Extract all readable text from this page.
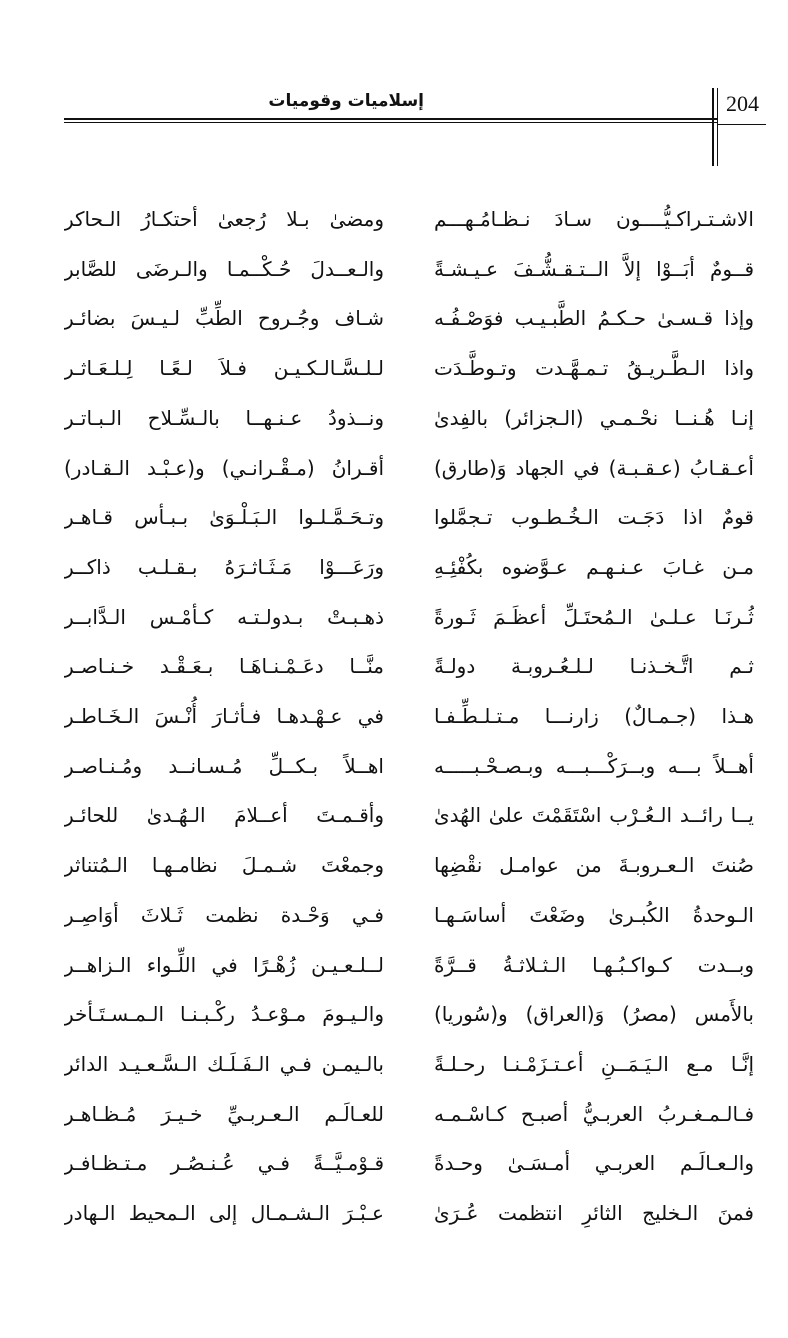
204
إسلاميات وقوميات
الاشـتـراكـيُّــــون سـادَ نـظـامُـهـــم
ومضىٰ بـلا رُجعىٰ أحتكـارُ الـحاكر
قــومٌ أبَــوْا إلاَّ الــتـقـشُّـفَ عـيـشـةً
والـعــدلَ حُـكْــمـا والـرضَى للصَّابر
وإذا قـسـىٰ حـكـمُ الطَّبـيـب فوَصْـفُـه
شـاف وجُـروح الطِّبِّ لـيـسَ بضائـر
واذا الـطَّـريـقُ تـمـهَّـدت وتـوطَّـدَت
لـلـسَّـالـكـيـن فـلاَ لـعًـا لِـلـعَـاثـر
إنـا هُـنــا نحْـمـي (الـجزائر) بالفِدىٰ
ونــذودُ عـنـهــا بالـسِّـلاح الـبـاتـر
أعـقـابُ (عـقـبـة) في الجهاد وَ(طارق)
أقـرانُ (مـقْـرانـي) و(عـبْـد الـقـادر)
قومٌ اذا دَجَـت الـخُـطـوب تـجمَّلوا
وتـحَـمَّـلـوا الـبَـلْـوَىٰ بـبـأس قـاهـر
مـن غـابَ عـنـهـم عـوَّضوه بكُفْئِـهِ
ورَعَـــوْا مَـثَـاثـرَهُ بـقـلـب ذاكــر
ثُـرنَـا عـلـىٰ الـمُحتَـلِّ أعظَـمَ ثَـورةً
ذهـبـتْ بـدولـتـه كـأمْـس الـدَّابــر
ثـم اتَّـخـذنـا لـلـعُـروبـة دولـةً
منَّــا دعَـمْـنـاهَـا بـعَـقْـد خـنـاصـر
هـذا (جـمـالٌ) زارنـــا مـتـلـطِّـفـا
في عـهْـدهـا فـأثـارَ أُنْـسَ الـخَـاطـر
أهــلاً بـــه وبــرَكْـــبـــه وبـصـحْـبـــــه
اهــلاً بـكــلِّ مُـسـانــد ومُـنـاصـر
يــا رائــد الـعُـرْب اسْتَقَمْتَ علىٰ الهُدىٰ
وأقـمـتَ أعــلامَ الـهُـدىٰ للحائـر
صُنتَ الـعـروبـةَ من عوامـل نقْضِها
وجمعْتَ شـمـلَ نظامـهـا الـمُتناثر
الـوحدةُ الكُبـرىٰ وضَعْتَ أساسَـهـا
فـي وَحْـدة نظمت ثَـلاثَ أوَاصِـر
وبــدت كـواكـبُـهـا الـثـلاثـةُ قــرَّةً
لــلـعـيـن زُهْـرًا في اللِّـواء الـزاهــر
بالأَمس (مصرُ) وَ(العراق) و(سُوريا)
والـيـومَ مـوْعـدُ ركْـبـنـا الـمـسـتَـأخر
إنَّـا مـع الـيَـمَــنِ أعـتـزَمْـنـا رحـلـةً
بالـيمـن فـي الـفَـلَـك الـسَّـعـيـد الدائر
فـالـمـغـربُ العربـيُّ أصبـح كـاسْـمـه
للعـالَـم الـعـربـيِّ خـيـرَ مُـظـاهـر
والـعـالَـم العربـي أمـسَـىٰ وحـدةً
قـوْمـيَّــةً فـي عُـنـصُـر مـتـظـافـر
فمنَ الـخليج الثائرِ انتظمت عُـرَىٰ
عـبْـرَ الـشـمـال إلى الـمحيط الـهادر
